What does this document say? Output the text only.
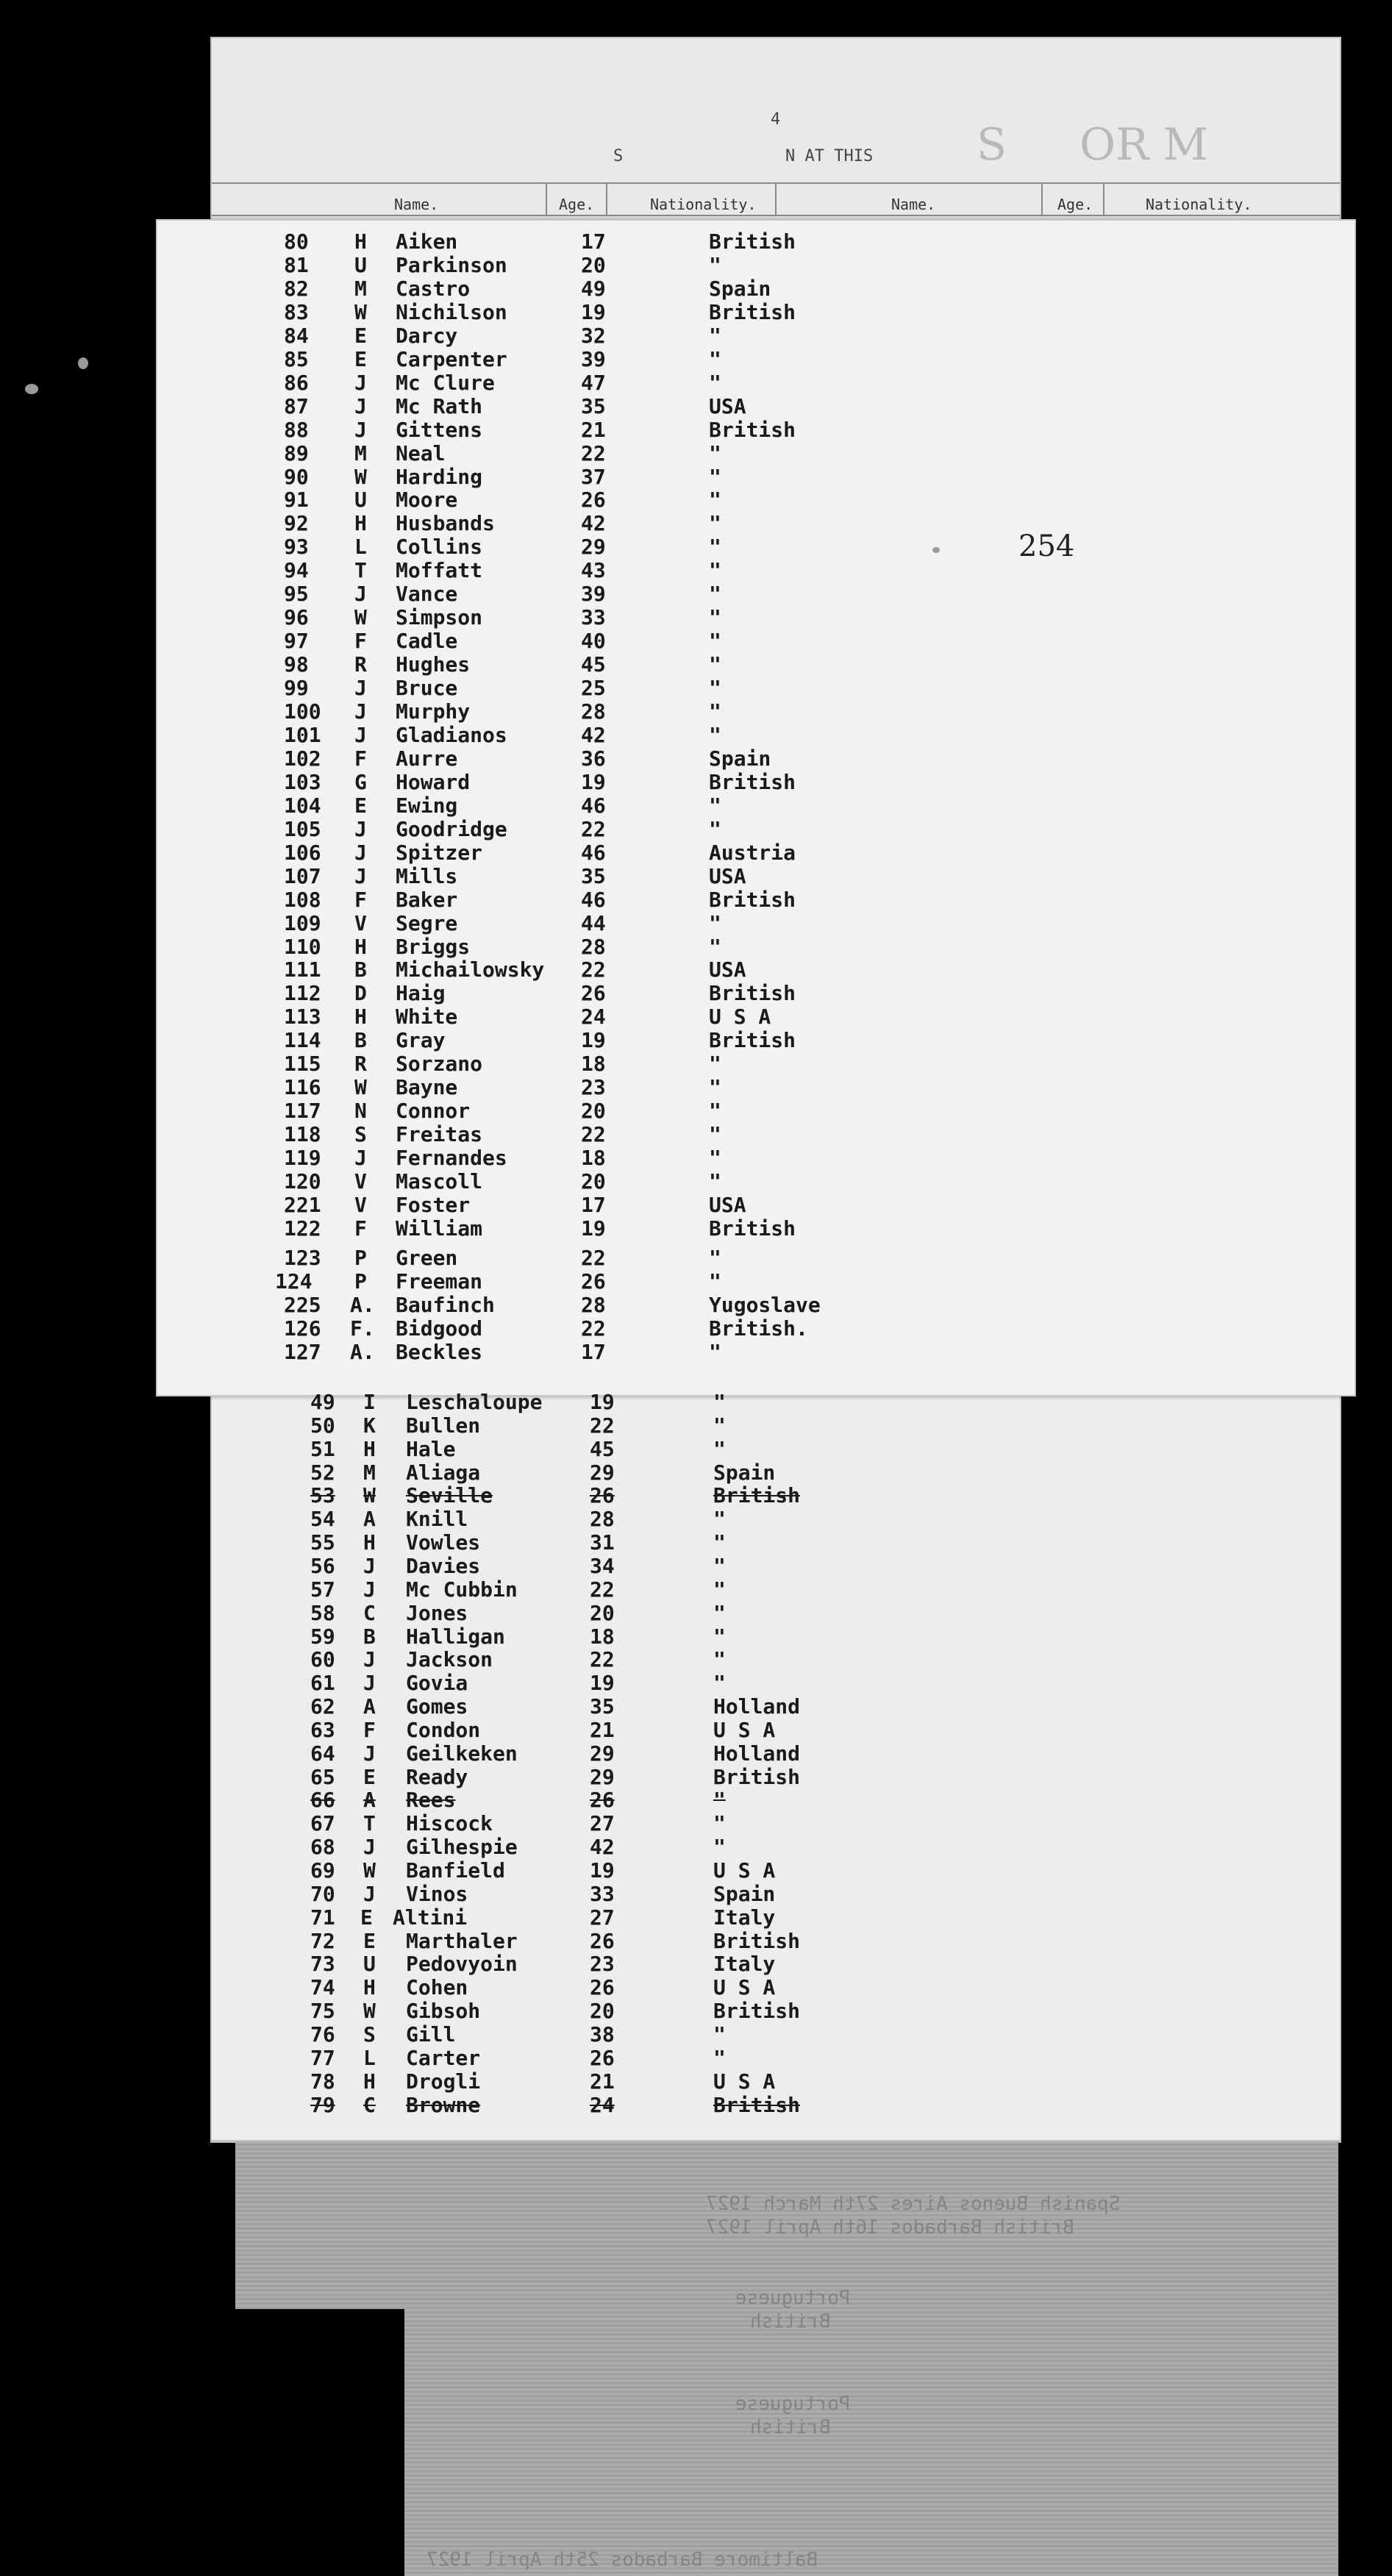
4
S	N AT THIS	OR M
S
Name.	Age.	Nationality.	Name.	Age.	Nationality.
80 H Aiken	17	British
81 U Parkinson	20	"
82 M Castro	49	Spain
83 W Nichilson	19	British
84 E Darcy	32	"
85 E Carpenter	39	"
86 J Mc Clure	47	"
87 J Mc Rath	35	USA
88 J Gittens	21	British
89 M Neal	22	"
90 W Harding	37	"
91 U Moore	26	"
92 H Husbands	42	"
93 L Collins	29	"
94 T Moffatt	43	"
95 J Vance	39	"
96 W Simpson	33	"
97 F Cadle	40	"
98 R Hughes	45	"
99 J Bruce	25	"
100 J Murphy	28	"
101 J Gladianos	42	"
102 F Aurre	36	Spain
103 G Howard	19	British
104 E Ewing	46	"
105 J Goodridge	22	"
106 J Spitzer	46	Austria
107 J Mills	35	USA
108 F Baker	46	British
109 V Segre	44	"
110 H Briggs	28	"
111 B Michailowsky 22	USA
112 D Haig	26	British
113 H White	24	U S A
114 B Gray	19	British
115 R Sorzano	18	"
116 W Bayne	23	"
117 N Connor	20	"
118 S Freitas	22	"
119 J Fernandes	18	"
120 V Mascoll	20	"
221 V Foster	17	USA
122 F William	19	British
123 P Green	22	"
124 P Freeman	26	"
225 A. Baufinch	28	Yugoslave
126 F. Bidgood	22	British.
127 A. Beckles	17	"
49 I Leschaloupe 19	"
50 K Bullen	22	"
51 H Hale	45	"
52 M Aliaga	29	Spain
53 W Seville	26	British
54 A Knill	28	"
55 H Vowles	31	"
56 J Davies	34	"
57 J Mc Cubbin	22	"
58 C Jones	20	"
59 B Halligan	18	"
60 J Jackson	22	"
61 J Govia	19	"
62 A Gomes	35	Holland
63 F Condon	21	U S A
64 J Geilkeken	29	Holland
65 E Ready	29	British
66 A Rees	26	"
67 T Hiscock	27	"
68 J Gilhespie	42	"
69 W Banfield	19	U S A
70 J Vinos	33	Spain
71 E Altini	27	Italy
72 E Marthaler	26	British
73 U Pedovyoin	23	Italy
74 H Cohen	26	U S A
75 W Gibsoh	20	British
76 S Gill	38	"
77 L Carter	26	"
78 H Drogli	21	U S A
79 C Browne	24	British
Spanish Buenos Aires 27th March 1927
British Barbados 16th April 1927
Portuguese
British
Portuguese
British
Baltimore Barbados 25th April 1927
254
